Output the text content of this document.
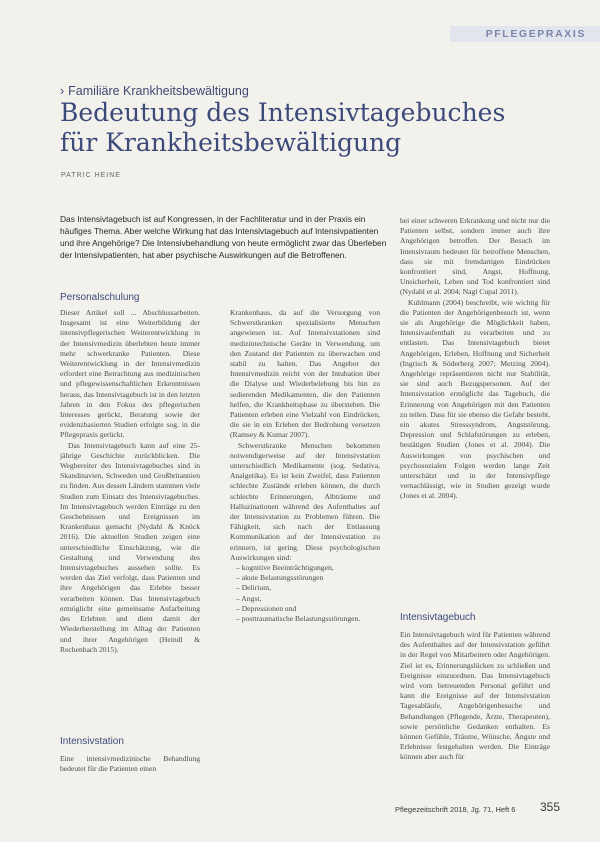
PFLEGEPRAXIS
› Familiäre Krankheitsbewältigung
Bedeutung des Intensivtagebuches für Krankheitsbewältigung
PATRIC HEINE
Das Intensivtagebuch ist auf Kongressen, in der Fachliteratur und in der Praxis ein häufiges Thema. Aber welche Wirkung hat das Intensivtagebuch auf Intensivpatienten und ihre Angehörige? Die Intensivbehandlung von heute ermöglicht zwar das Überleben der Intensivpatienten, hat aber psychische Auswirkungen auf die Betroffenen.
Personalschulung

Dieser Artikel soll ... Abschlussarbeiten. Insgesamt ist eine Weiterbildung der intensivpflegerischen Weiterentwicklung in der Intensivmedizin überlebten heute immer mehr schwerkranke Patienten. Diese Weiterentwicklung in der Intensivmedizin erfordert eine Betrachtung aus medizinischen und pflegewissenschaftlichen Erkenntnissen heraus, das Intensivtagebuch ist in den letzten Jahren in den Fokus des pflegerischen Interesses gerückt, Beratung sowie der evidenzbasierten Studien erfolgte sog. in die Pflegepraxis gerückt.

Das Intensivtagebuch kann auf eine 25-jährige Geschichte zurückblicken. Die Wegbereiter des Intensivtagebuches sind in Skandinavien, Schweden und Großbritannien zu finden. Aus dessen Ländern stammen viele Studien zum Einsatz des Intensivtagebuches. Im Intensivtagebuch werden Einträge zu den Geschehnissen und Ereignissen im Krankenhaus gemacht (Nydahl & Knück 2016). Die aktuellen Studien zeigen eine unterschiedliche Einschätzung, wie die Gestaltung und Verwendung des Intensivtagebuches aussehen sollte. Es werden das Ziel verfolgt, dass Patienten und ihre Angehörigen das Erlebte besser verarbeiten können. Das Intensivtagebuch ermöglicht eine gemeinsame Aufarbeitung des Erlebten und dient damit der Wiederherstellung im Alltag der Patienten und ihrer Angehörigen (Heindl & Rechenbach 2015).

Intensivstation

Eine intensivmedizinische Behandlung bedeutet für die Patienten einen

Krankenhaus, da auf die Versorgung von Schwerstkranken spezialisierte Menschen angewiesen ist. Auf Intensivstationen sind medizintechnische Geräte in Verwendung, um den Zustand der Patienten zu überwachen und stabil zu halten. Das Angebot der Intensivmedizin reicht von der Intubation über die Dialyse und Wiederbelebung bis hin zu sedierenden Medikamenten, die den Patienten helfen, die Krankheitsphase zu überstehen. Die Patienten erleben eine Vielzahl von Eindrücken, die sie in ein Erleben der Bedrohung versetzen (Ramsey & Kumar 2007).

Schwerstkranke Menschen bekommen notwendigerweise auf der Intensivstation unterschiedlich Medikamente (sog. Sedativa, Analgetika). Es ist kein Zweifel, dass Patienten schlechte Zustände erleben können, die durch schlechte Erinnerungen, Albträume und Halluzinationen während des Aufenthaltes auf der Intensivstation zu Problemen führen. Die Fähigkeit, sich nach der Entlassung Kommunikation auf der Intensivstation zu erinnern, ist gering. Diese psychologischen Auswirkungen sind:

– kognitive Beeinträchtigungen,
– akute Belastungsstörungen
– Delirium,
– Angst,
– Depressionen und
– posttraumatische Belastungsstörungen.

bei einer schweren Erkrankung und nicht nur die Patienten selbst, sondern immer auch ihre Angehörigen betroffen. Der Besuch im Intensivraum bedeutet für betroffene Menschen, dass sie mit fremdartigen Eindrücken konfrontiert sind, Angst, Hoffnung, Unsicherheit, Leben und Tod konfrontiert sind (Nydahl et al. 2004; Nagl Cupal 2011).

Kuhlmann (2004) beschreibt, wie wichtig für die Patienten der Angehörigenbesuch ist, wenn sie als Angehörige die Möglichkeit haben, Intensivaufenthalt zu verarbeiten und zu entlasten. Das Intensivtagebuch bietet Angehörigen, Erleben, Hoffnung und Sicherheit (Ingrisch & Söderberg 2007; Metzing 2004). Angehörige repräsentieren nicht nur Stabilität, sie sind auch Bezugspersonen. Auf der Intensivstation ermöglicht das Tagebuch, die Erinnerung von Angehörigen mit den Patienten zu teilen. Dass für sie ebenso die Gefahr besteht, ein akutes Stresssyndrom, Angststörung, Depression und Schlafstörungen zu erleben, bestätigen Studien (Jones et al. 2004). Die Auswirkungen von psychischen und psychosozialen Folgen werden lange Zeit unterschätzt und in der Intensivpflege vernachlässigt, wie in Studien gezeigt wurde (Jones et al. 2004).

Intensivtagebuch

Ein Intensivtagebuch wird für Patienten während des Aufenthaltes auf der Intensivstation geführt in der Regel von Mitarbeitern oder Angehörigen. Ziel ist es, Erinnerungslücken zu schließen und Ereignisse einzuordnen. Das Intensivtagebuch wird vom betreuenden Personal geführt und kann die Ereignisse auf der Intensivstation Tagesabläufe, Angehörigenbesuche und Behandlungen (Pflegende, Ärzte, Therapeuten), sowie persönliche Gedanken enthalten. Es können Gefühle, Träume, Wünsche, Ängste und Erlebnisse festgehalten werden. Die Einträge können aber auch für

Pflegezeitschrift 2018, Jg. 71, Heft 6 355
